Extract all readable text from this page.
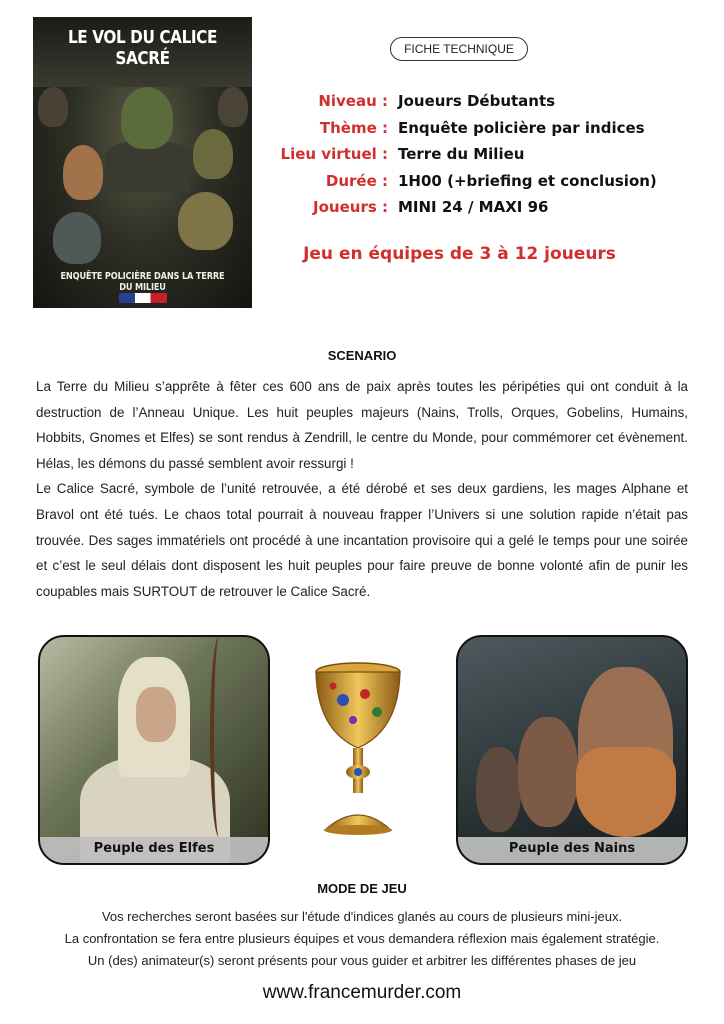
LE VOL DU CALICE SACRÉ
ENQUÊTE POLICIÈRE DANS LA TERRE DU MILIEU
FICHE TECHNIQUE
Niveau : Joueurs Débutants
Thème : Enquête policière par indices
Lieu virtuel : Terre du Milieu
Durée : 1H00 (+briefing et conclusion)
Joueurs : MINI 24 / MAXI 96
Jeu en équipes de 3 à 12 joueurs
SCENARIO

La Terre du Milieu s’apprête à fêter ces 600 ans de paix après toutes les péripéties qui ont conduit à la destruction de l’Anneau Unique. Les huit peuples majeurs (Nains, Trolls, Orques, Gobelins, Humains, Hobbits, Gnomes et Elfes) se sont rendus à Zendrill, le centre du Monde, pour commémorer cet évènement. Hélas, les démons du passé semblent avoir ressurgi !

Le Calice Sacré, symbole de l’unité retrouvée, a été dérobé et ses deux gardiens, les mages Alphane et Bravol ont été tués. Le chaos total pourrait à nouveau frapper l’Univers si une solution rapide n’était pas trouvée. Des sages immatériels ont procédé à une incantation provisoire qui a gelé le temps pour une soirée et c’est le seul délais dont disposent les huit peuples pour faire preuve de bonne volonté afin de punir les coupables mais SURTOUT de retrouver le Calice Sacré.

Peuple des Elfes	Peuple des Nains
MODE DE JEU

Vos recherches seront basées sur l'étude d'indices glanés au cours de plusieurs mini-jeux.

La confrontation se fera entre plusieurs équipes et vous demandera réflexion mais également stratégie.

Un (des) animateur(s) seront présents pour vous guider et arbitrer les différentes phases de jeu

www.francemurder.com
